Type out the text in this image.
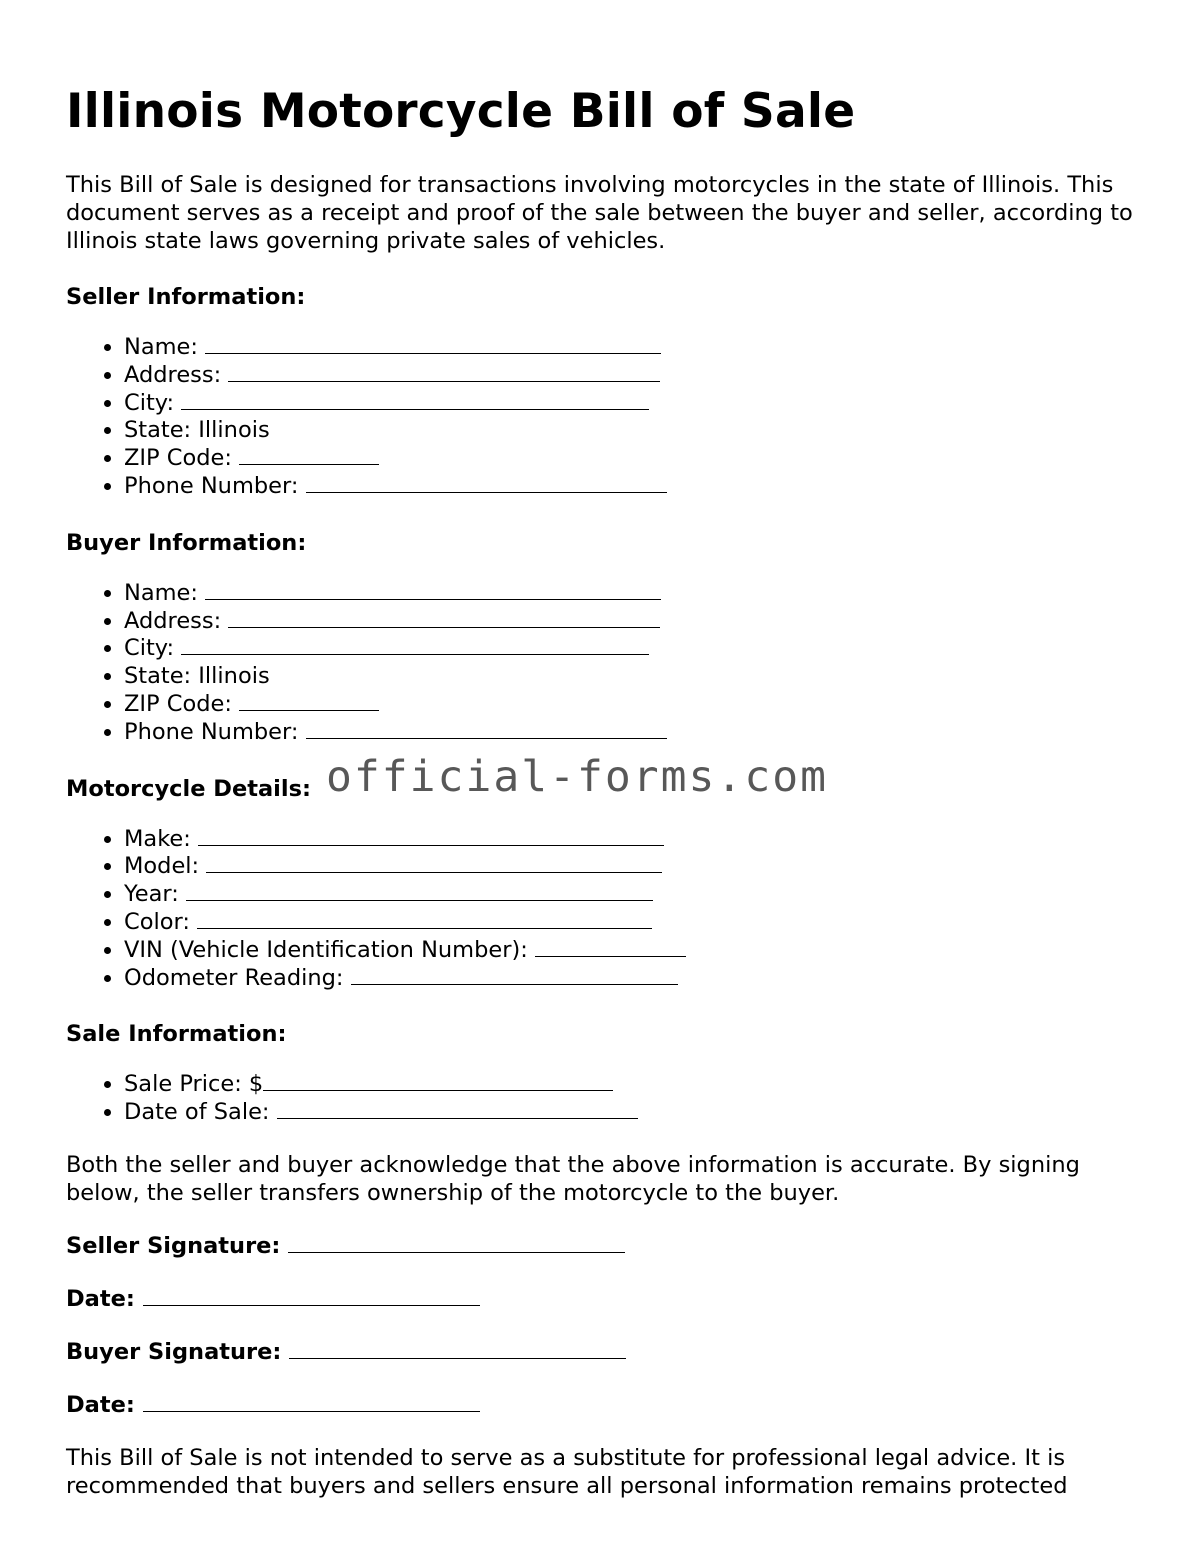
Illinois Motorcycle Bill of Sale

This Bill of Sale is designed for transactions involving motorcycles in the state of Illinois. This document serves as a receipt and proof of the sale between the buyer and seller, according to Illinois state laws governing private sales of vehicles.

Seller Information:
• Name:
• Address:
• City:
• State: Illinois
• ZIP Code:
• Phone Number:
Buyer Information:
• Name:
• Address:
• City:
• State: Illinois
• ZIP Code:
• Phone Number:
Motorcycle Details:
• Make:
• Model:
• Year:
• Color:
• VIN (Vehicle Identification Number):
• Odometer Reading:
Sale Information:
• Sale Price: $
• Date of Sale:

Both the seller and buyer acknowledge that the above information is accurate. By signing below, the seller transfers ownership of the motorcycle to the buyer.

Seller Signature:
Date:
Buyer Signature:
Date:

This Bill of Sale is not intended to serve as a substitute for professional legal advice. It is recommended that buyers and sellers ensure all personal information remains protected

official-forms.com
